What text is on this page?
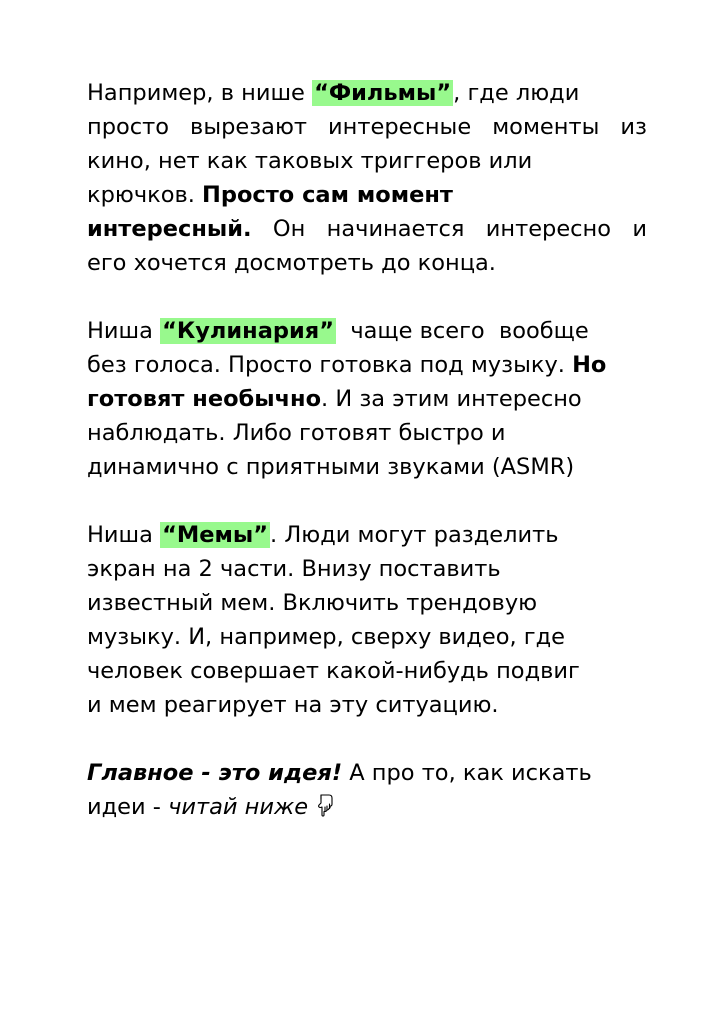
Например, в нише “Фильмы”, где люди
просто вырезают интересные моменты из
кино, нет как таковых триггеров или
крючков. Просто сам момент
интересный. Он начинается интересно и
его хочется досмотреть до конца.
Ниша “Кулинария”  чаще всего  вообще
без голоса. Просто готовка под музыку. Но
готовят необычно. И за этим интересно
наблюдать. Либо готовят быстро и
динамично с приятными звуками (ASMR)
Ниша “Мемы”. Люди могут разделить
экран на 2 части. Внизу поставить
известный мем. Включить трендовую
музыку. И, например, сверху видео, где
человек совершает какой-нибудь подвиг
и мем реагирует на эту ситуацию.
Главное - это идея! А про то, как искать
идеи - читай ниже
